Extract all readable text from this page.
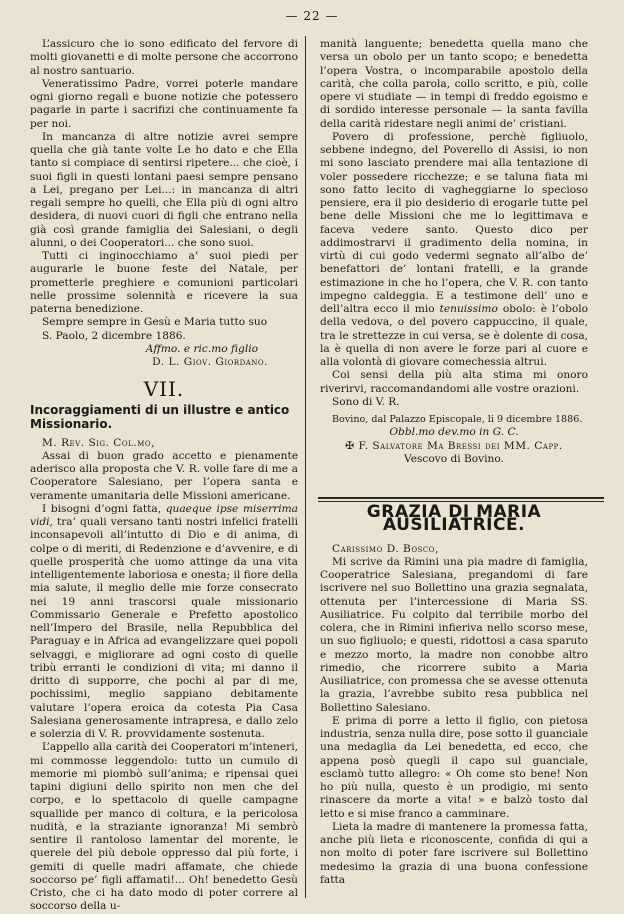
— 22 —

L’assicuro che io sono edificato del fervore di molti giovanetti e di molte persone che accorrono al nostro santuario.

Veneratissimo Padre, vorrei poterle mandare ogni giorno regali e buone notizie che potessero pagarle in parte i sacrifizi che continuamente fa per noi.

In mancanza di altre notizie avrei sempre quella che già tante volte Le ho dato e che Ella tanto si compiace di sentirsi ripetere... che cioè, i suoi figli in questi lontani paesi sempre pensano a Lei, pregano per Lei...: in mancanza di altri regali sempre ho quelli, che Ella più di ogni altro desidera, di nuovi cuori di figli che entrano nella già così grande famiglia dei Salesiani, o degli alunni, o dei Cooperatori... che sono suoi.

Tutti ci inginocchiamo a’ suoi piedi per augurarle le buone feste del Natale, per prometterle preghiere e comunioni particolari nelle prossime solennità e ricevere la sua paterna benedizione.

Sempre sempre in Gesù e Maria tutto suo

S. Paolo, 2 dicembre 1886.

Affmo. e ric.mo figlio

D. L. Giov. Giordano.

VII.
Incoraggiamenti di un illustre e antico Missionario.

M. Rev. Sig. Col.mo,

Assai di buon grado accetto e pienamente aderisco alla proposta che V. R. volle fare di me a Cooperatore Salesiano, per l’opera santa e veramente umanitaria delle Missioni americane.

I bisogni d’ogni fatta, quaeque ipse miserrima vidi, tra’ quali versano tanti nostri infelici fratelli inconsapevoli all’intutto di Dio e di anima, di colpe o di meriti, di Redenzione e d’avvenire, e di quelle prosperità che uomo attinge da una vita intelligentemente laboriosa e onesta; il fiore della mia salute, il meglio delle mie forze consecrato nei 19 anni trascorsi quale missionario Commissario Generale e Prefetto apostolico nell’Impero del Brasile, nella Repubblica del Paraguay e in Africa ad evangelizzare quei popoli selvaggi, e migliorare ad ogni costo di quelle tribù erranti le condizioni di vita; mi danno il dritto di supporre, che pochi al par di me, pochissimi, meglio sappiano debitamente valutare l’opera eroica da cotesta Pia Casa Salesiana generosamente intrapresa, e dallo zelo e solerzia di V. R. provvidamente sostenuta.

L’appello alla carità dei Cooperatori m’inteneri, mi commosse leggendolo: tutto un cumulo di memorie mi piombò sull’anima; e ripensai quei tapini digiuni dello spirito non men che del corpo, e lo spettacolo di quelle campagne squallide per manco di coltura, e la pericolosa nudità, e la straziante ignoranza! Mi sembrò sentire il rantoloso lamentar del morente, le querele del più debole oppresso dal più forte, i gemiti di quelle madri affamate, che chiede soccorso pe’ figli affamati!... Oh! benedetto Gesù Cristo, che ci ha dato modo di poter correre al soccorso della u-

manità languente; benedetta quella mano che versa un obolo per un tanto scopo; e benedetta l’opera Vostra, o incomparabile apostolo della carità, che colla parola, collo scritto, e più, colle opere vi studiate — in tempi di freddo egoismo e di sordido interesse personale — la santa favilla della carità ridestare negli animi de’ cristiani.

Povero di professione, perchè figliuolo, sebbene indegno, del Poverello di Assisi, io non mi sono lasciato prendere mai alla tentazione di voler possedere ricchezze; e se taluna fiata mi sono fatto lecito di vagheggiarne lo specioso pensiere, era il pio desiderio di erogarle tutte pel bene delle Missioni che me lo legittimava e faceva vedere santo. Questo dico per addimostrarvi il gradimento della nomina, in virtù di cui godo vedermi segnato all’albo de’ benefattori de’ lontani fratelli, e la grande estimazione in che ho l’opera, che V. R. con tanto impegno caldeggia. E a testimone dell’ uno e dell’altra ecco il mio tenuissimo obolo: è l’obolo della vedova, o del povero cappuccino, il quale, tra le strettezze in cui versa, se è dolente di cosa, la è quella di non avere le forze pari al cuore e alla volontà di giovare comechessia altrui.

Coi sensi della più alta stima mi onoro riverirvi, raccomandandomi alle vostre orazioni.

Sono di V. R.

Bovino, dal Palazzo Episcopale, li 9 dicembre 1886.

Obbl.mo dev.mo in G. C.

✠ F. Salvatore Ma Bressi dei MM. Capp.

Vescovo di Bovino.

GRAZIA DI MARIA AUSILIATRICE.

Carissimo D. Bosco,

Mi scrive da Rimini una pia madre di famiglia, Cooperatrice Salesiana, pregandomi di fare iscrivere nel suo Bollettino una grazia segnalata, ottenuta per l’intercessione di Maria SS. Ausiliatrice. Fu colpito dal terribile morbo del colera, che in Rimini infieriva nello scorso mese, un suo figliuolo; e questi, ridottosi a casa sparuto e mezzo morto, la madre non conobbe altro rimedio, che ricorrere subito a Maria Ausiliatrice, con promessa che se avesse ottenuta la grazia, l’avrebbe subito resa pubblica nel Bollettino Salesiano.

E prima di porre a letto il figlio, con pietosa industria, senza nulla dire, pose sotto il guanciale una medaglia da Lei benedetta, ed ecco, che appena posò quegli il capo sul guanciale, esclamò tutto allegro: « Oh come sto bene! Non ho più nulla, questo è un prodigio, mi sento rinascere da morte a vita! » e balzò tosto dal letto e si mise franco a camminare.

Lieta la madre di mantenere la promessa fatta, anche più lieta e riconoscente, confida di qui a non molto di poter fare iscrivere sul Bollettino medesimo la grazia di una buona confessione fatta
